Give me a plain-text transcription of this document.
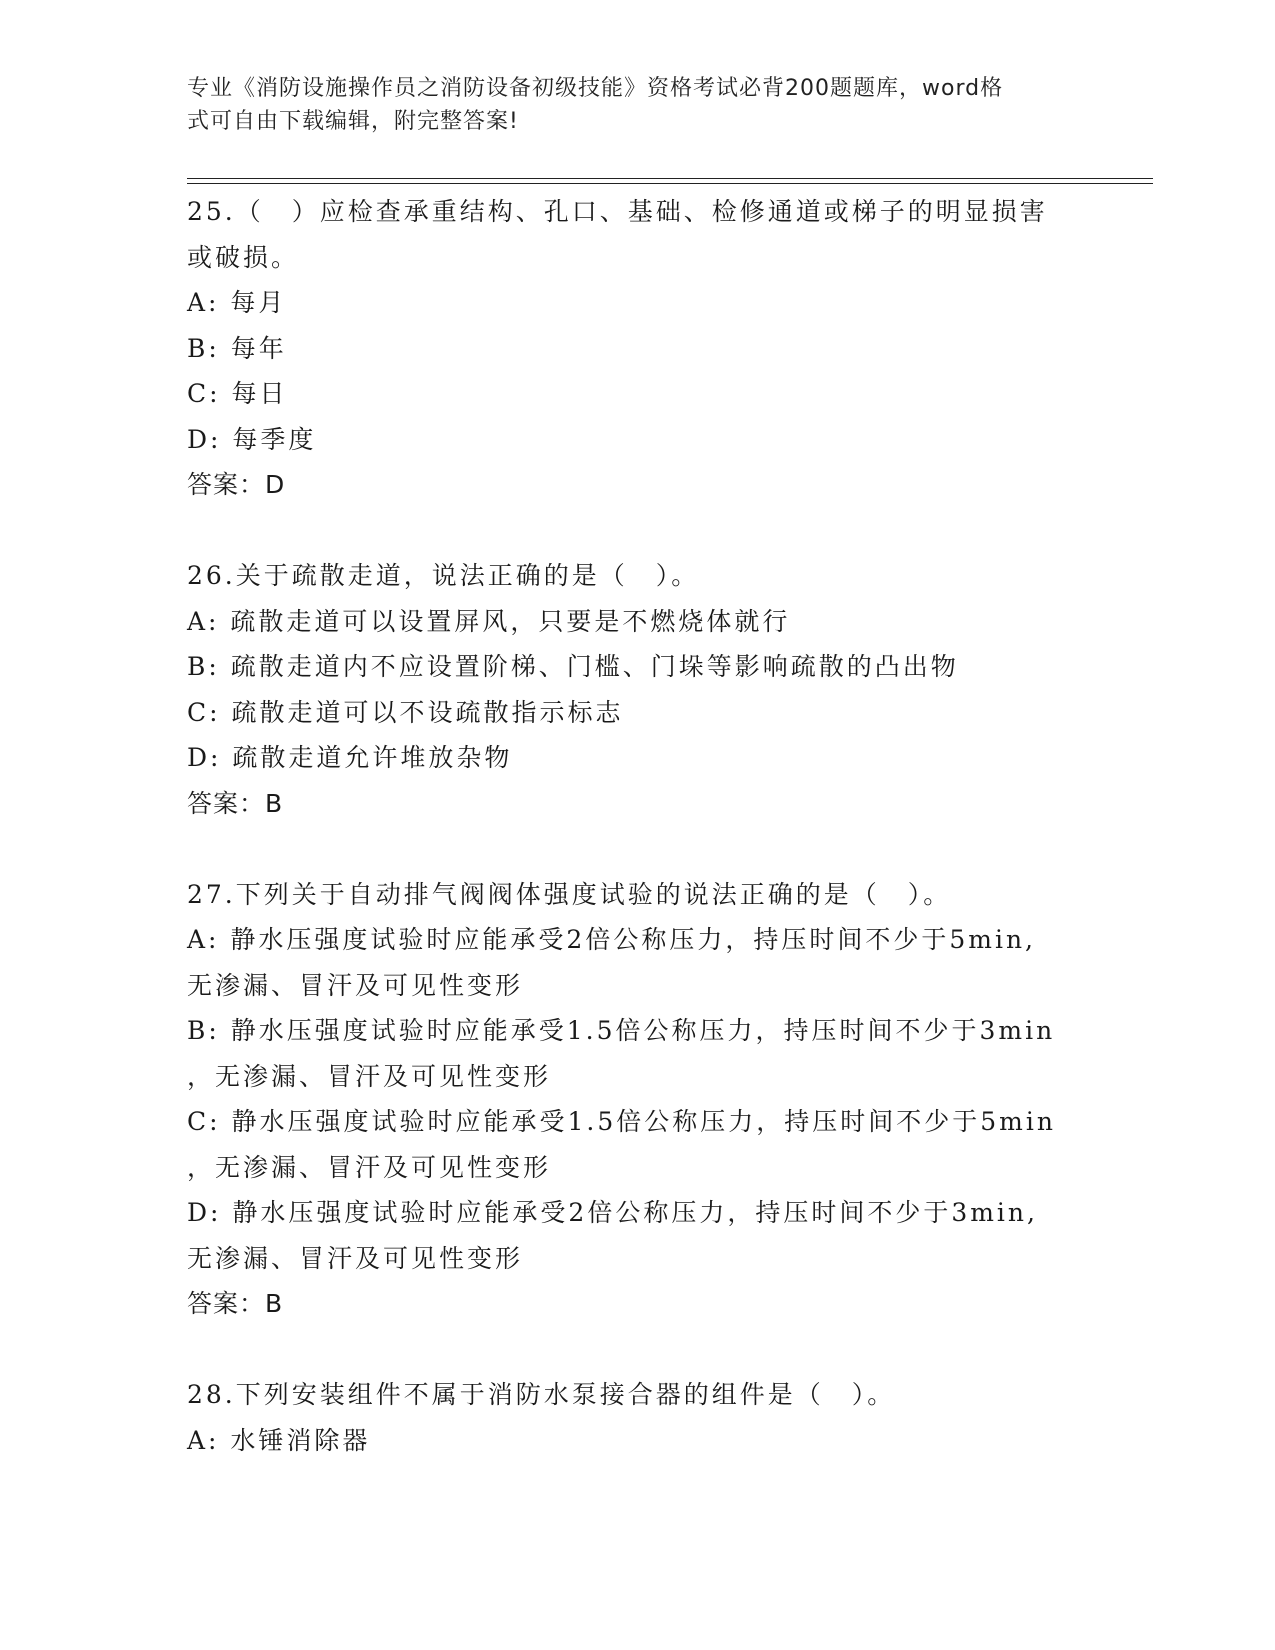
专业《消防设施操作员之消防设备初级技能》资格考试必背200题题库，word格
式可自由下载编辑，附完整答案!
25.（　）应检查承重结构、孔口、基础、检修通道或梯子的明显损害
或破损。
A: 每月
B: 每年
C: 每日
D: 每季度
答案：D
26.关于疏散走道，说法正确的是（　）。
A: 疏散走道可以设置屏风，只要是不燃烧体就行
B: 疏散走道内不应设置阶梯、门槛、门垛等影响疏散的凸出物
C: 疏散走道可以不设疏散指示标志
D: 疏散走道允许堆放杂物
答案：B
27.下列关于自动排气阀阀体强度试验的说法正确的是（　）。
A: 静水压强度试验时应能承受2倍公称压力，持压时间不少于5min,
无渗漏、冒汗及可见性变形
B: 静水压强度试验时应能承受1.5倍公称压力，持压时间不少于3min
，无渗漏、冒汗及可见性变形
C: 静水压强度试验时应能承受1.5倍公称压力，持压时间不少于5min
，无渗漏、冒汗及可见性变形
D: 静水压强度试验时应能承受2倍公称压力，持压时间不少于3min,
无渗漏、冒汗及可见性变形
答案：B
28.下列安装组件不属于消防水泵接合器的组件是（　）。
A: 水锤消除器
